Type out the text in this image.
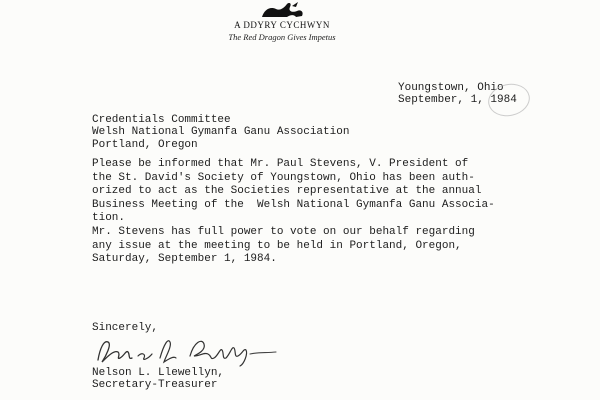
A DDYRY CYCHWYN
The Red Dragon Gives Impetus
Youngstown, Ohio
September, 1, 1984
Credentials Committee
Welsh National Gymanfa Ganu Association
Portland, Oregon
Please be informed that Mr. Paul Stevens, V. President of
the St. David's Society of Youngstown, Ohio has been auth-
orized to act as the Societies representative at the annual
Business Meeting of the  Welsh National Gymanfa Ganu Associa-
tion.
Mr. Stevens has full power to vote on our behalf regarding
any issue at the meeting to be held in Portland, Oregon,
Saturday, September 1, 1984.
Sincerely,
Nelson L. Llewellyn,
Secretary-Treasurer
